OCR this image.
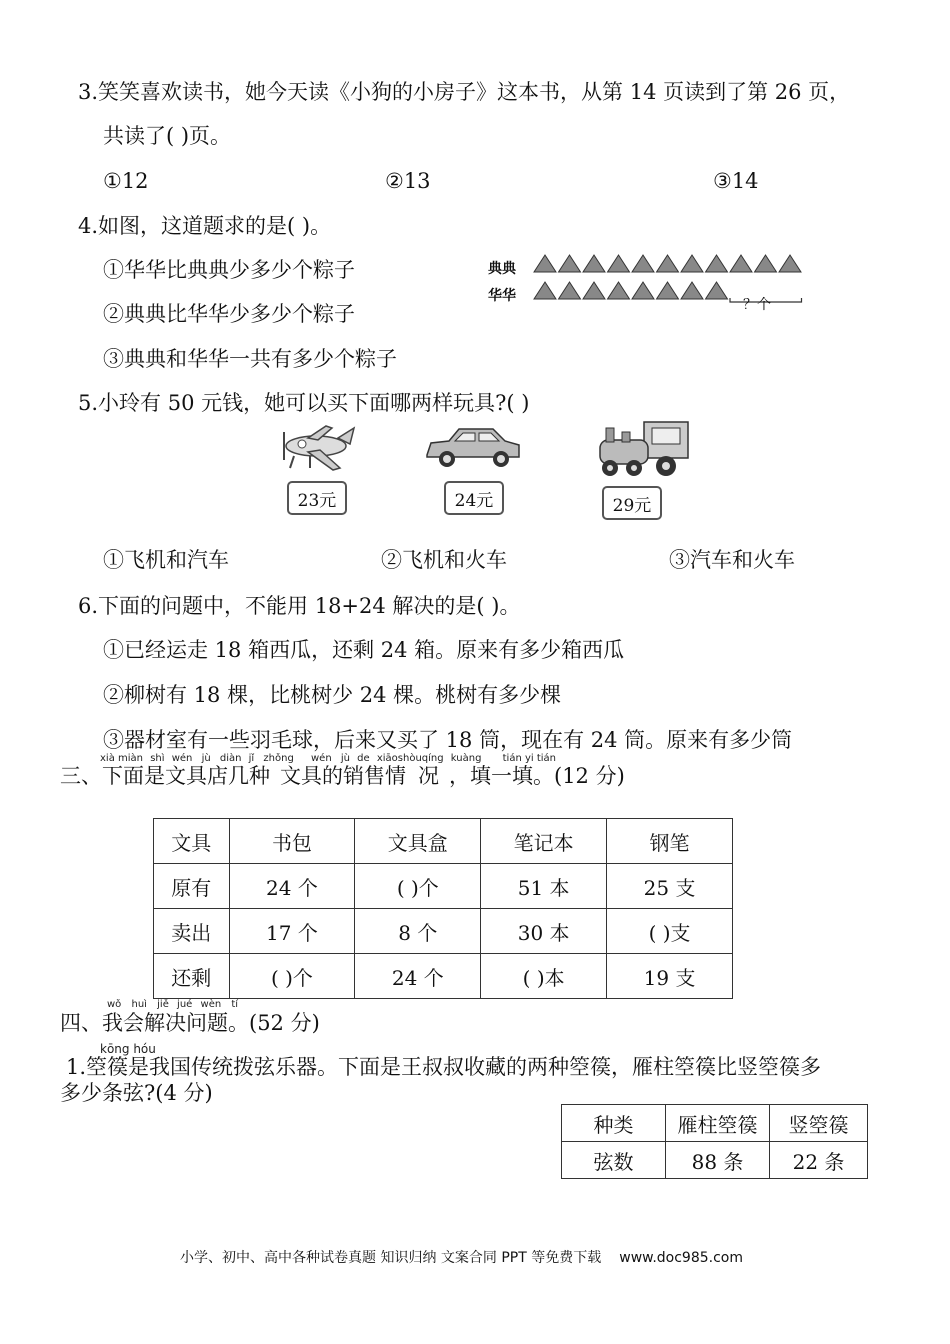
3.笑笑喜欢读书，她今天读《小狗的小房子》这本书，从第 14 页读到了第 26 页，
共读了( )页。
①12	②13	③14
4.如图，这道题求的是( )。
①华华比典典少多少个粽子
②典典比华华少多少个粽子
③典典和华华一共有多少个粽子
典典
华华
？个
5.小玲有 50 元钱，她可以买下面哪两样玩具?( )
23元	24元	29元
①飞机和汽车	②飞机和火车	③汽车和火车
6.下面的问题中，不能用 18+24 解决的是( )。
①已经运走 18 箱西瓜，还剩 24 箱。原来有多少箱西瓜
②柳树有 18 棵，比桃树少 24 棵。桃树有多少棵
③器材室有一些羽毛球，后来又买了 18 筒，现在有 24 筒。原来有多少筒
xià miàn shì wén jù diàn jǐ zhǒng wén jù de xiāoshòuqíng kuàng tián yi tián
三、下面是文具店几种 文具的销售情 况 ，填一填。(12 分)
文具	书包	文具盒	笔记本	钢笔
原有	24 个	( )个	51 本	25 支
卖出	17 个	8 个	30 本	( )支
还剩	( )个	24 个	( )本	19 支
wǒ huì jiě jué wèn tí
四、我会解决问题。(52 分)
kōng hóu
1.箜篌是我国传统拨弦乐器。下面是王叔叔收藏的两种箜篌，雁柱箜篌比竖箜篌多
多少条弦?(4 分)
种类	雁柱箜篌	竖箜篌
弦数	88 条	22 条
小学、初中、高中各种试卷真题 知识归纳 文案合同 PPT 等免费下载 www.doc985.com
